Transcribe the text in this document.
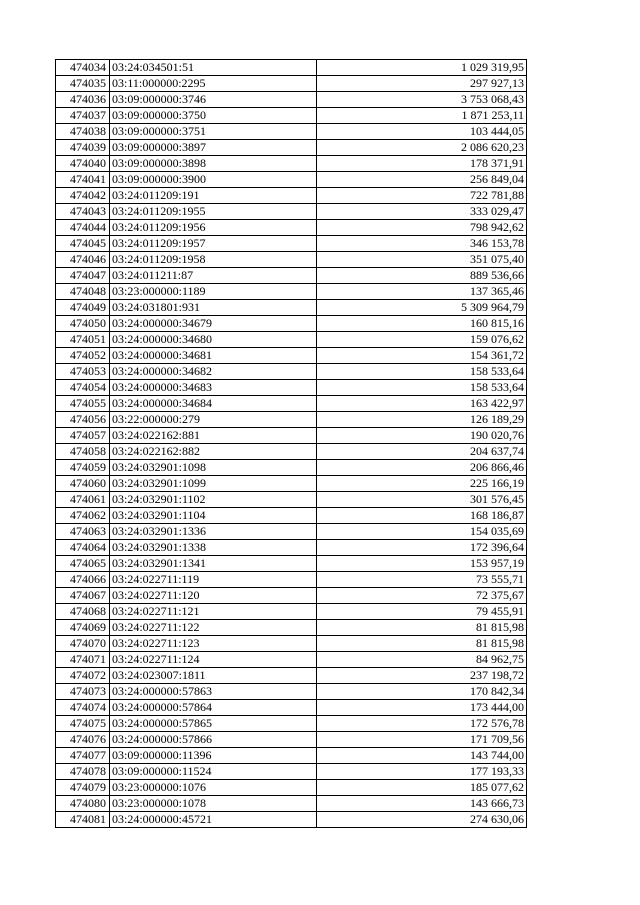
474034	03:24:034501:51	1 029 319,95
474035	03:11:000000:2295	297 927,13
474036	03:09:000000:3746	3 753 068,43
474037	03:09:000000:3750	1 871 253,11
474038	03:09:000000:3751	103 444,05
474039	03:09:000000:3897	2 086 620,23
474040	03:09:000000:3898	178 371,91
474041	03:09:000000:3900	256 849,04
474042	03:24:011209:191	722 781,88
474043	03:24:011209:1955	333 029,47
474044	03:24:011209:1956	798 942,62
474045	03:24:011209:1957	346 153,78
474046	03:24:011209:1958	351 075,40
474047	03:24:011211:87	889 536,66
474048	03:23:000000:1189	137 365,46
474049	03:24:031801:931	5 309 964,79
474050	03:24:000000:34679	160 815,16
474051	03:24:000000:34680	159 076,62
474052	03:24:000000:34681	154 361,72
474053	03:24:000000:34682	158 533,64
474054	03:24:000000:34683	158 533,64
474055	03:24:000000:34684	163 422,97
474056	03:22:000000:279	126 189,29
474057	03:24:022162:881	190 020,76
474058	03:24:022162:882	204 637,74
474059	03:24:032901:1098	206 866,46
474060	03:24:032901:1099	225 166,19
474061	03:24:032901:1102	301 576,45
474062	03:24:032901:1104	168 186,87
474063	03:24:032901:1336	154 035,69
474064	03:24:032901:1338	172 396,64
474065	03:24:032901:1341	153 957,19
474066	03:24:022711:119	73 555,71
474067	03:24:022711:120	72 375,67
474068	03:24:022711:121	79 455,91
474069	03:24:022711:122	81 815,98
474070	03:24:022711:123	81 815,98
474071	03:24:022711:124	84 962,75
474072	03:24:023007:1811	237 198,72
474073	03:24:000000:57863	170 842,34
474074	03:24:000000:57864	173 444,00
474075	03:24:000000:57865	172 576,78
474076	03:24:000000:57866	171 709,56
474077	03:09:000000:11396	143 744,00
474078	03:09:000000:11524	177 193,33
474079	03:23:000000:1076	185 077,62
474080	03:23:000000:1078	143 666,73
474081	03:24:000000:45721	274 630,06
